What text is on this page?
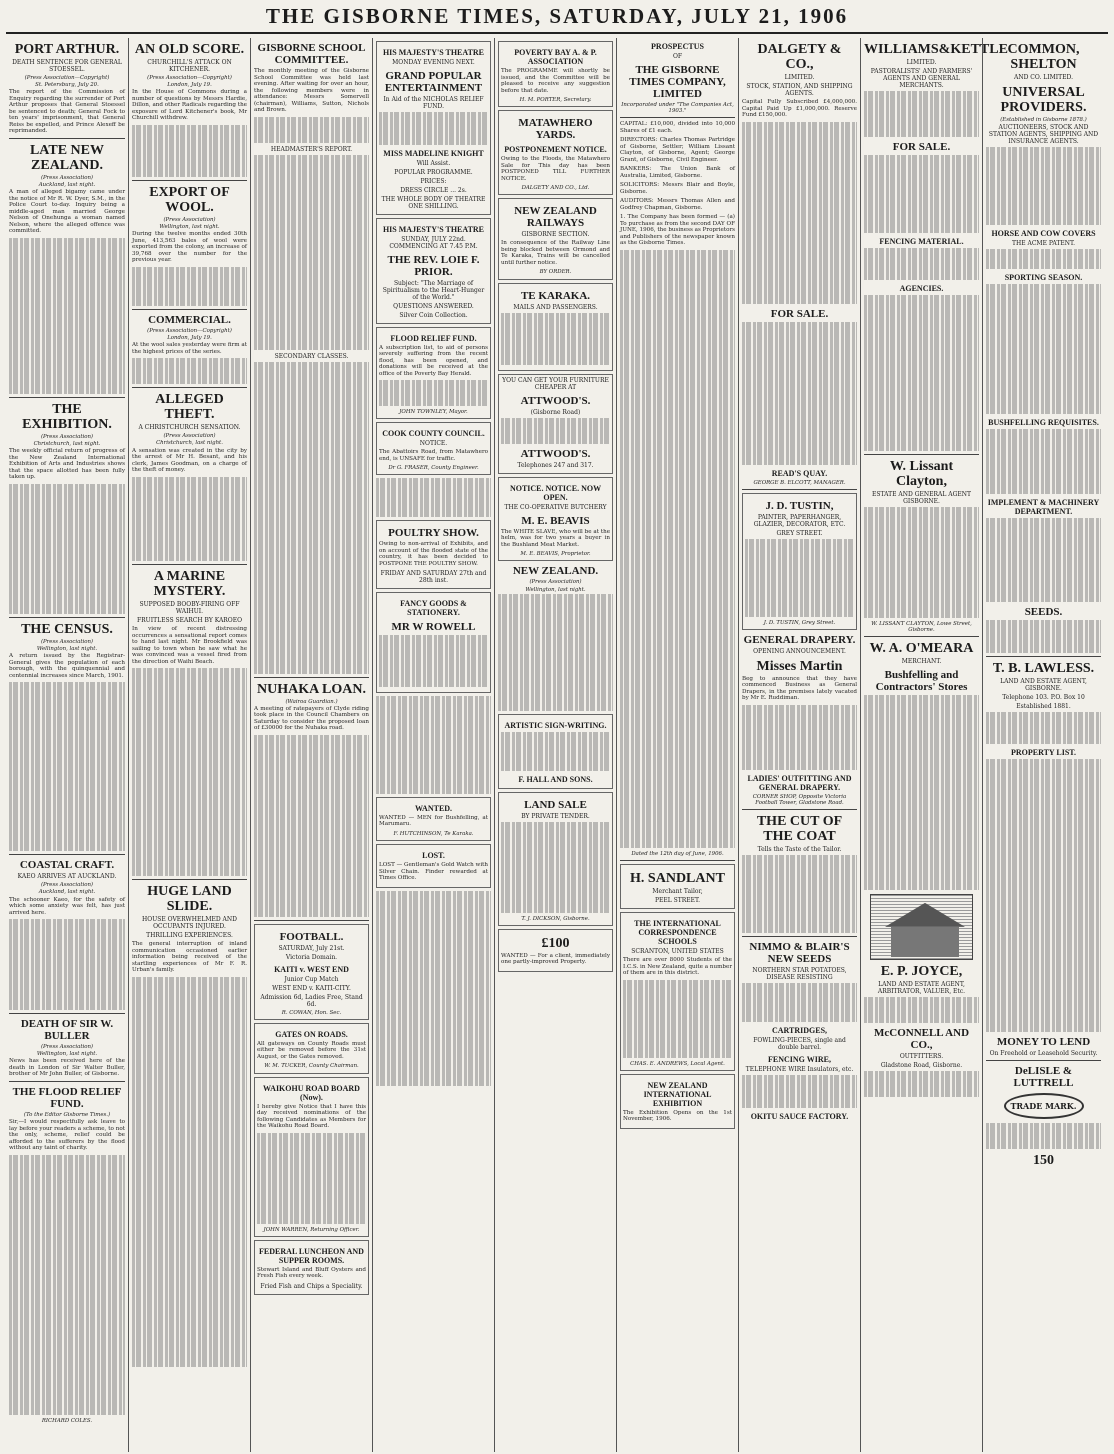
THE GISBORNE TIMES, SATURDAY, JULY 21, 1906
PORT ARTHUR.
DEATH SENTENCE FOR GENERAL STOESSEL.
(Press Association—Copyright)
St. Petersburg, July 20.
The report of the Commission of Enquiry regarding the surrender of Port Arthur proposes that General Stoessel be sentenced to death; General Fock to ten years' imprisonment, that General Reiss be expelled, and Prince Alexeff be reprimanded.
LATE NEW ZEALAND.
(Press Association)
Auckland, last night.
A man of alleged bigamy came under the notice of Mr R. W. Dyer, S.M., in the Police Court to-day. Inquiry being a middle-aged man married George Nelson of Onehunga a woman named Nelson, where the alleged offence was committed.
THE EXHIBITION.
(Press Association)
Christchurch, last night.
The weekly official return of progress of the New Zealand International Exhibition of Arts and Industries shows that the space allotted has been fully taken up.
THE CENSUS.
(Press Association)
Wellington, last night.
A return issued by the Registrar-General gives the population of each borough, with the quinquennial and centennial increases since March, 1901.
COASTAL CRAFT.
KAEO ARRIVES AT AUCKLAND.
(Press Association)
Auckland, last night.
The schooner Kaeo, for the safety of which some anxiety was felt, has just arrived here.
DEATH OF SIR W. BULLER
(Press Association)
Wellington, last night.
News has been received here of the death in London of Sir Walter Buller, brother of Mr John Buller, of Gisborne.
THE FLOOD RELIEF FUND.
(To the Editor Gisborne Times.)
Sir,—I would respectfully ask leave to lay before your readers a scheme, to not the only, scheme, relief could be afforded to the sufferers by the flood without any taint of charity.
RICHARD COLES.
AN OLD SCORE.
CHURCHILL'S ATTACK ON KITCHENER.
(Press Association—Copyright)
London, July 19.
In the House of Commons during a number of questions by Messrs Hardie, Dillon, and other Radicals regarding the exposure of Lord Kitchener's book, Mr Churchill withdrew.
EXPORT OF WOOL.
(Press Association)
Wellington, last night.
During the twelve months ended 30th June, 413,563 bales of wool were exported from the colony, an increase of 39,768 over the number for the previous year.
COMMERCIAL.
(Press Association—Copyright)
London, July 19.
At the wool sales yesterday were firm at the highest prices of the series.
ALLEGED THEFT.
A CHRISTCHURCH SENSATION.
(Press Association)
Christchurch, last night.
A sensation was created in the city by the arrest of Mr H. Besant, and his clerk, James Goodman, on a charge of the theft of money.
A MARINE MYSTERY.
SUPPOSED BOOBY-FIRING OFF WAIHUI.
FRUITLESS SEARCH BY KAROEO
In view of recent distressing occurrences a sensational report comes to hand last night. Mr Brookfield was sailing to town when he saw what he was convinced was a vessel fired from the direction of Waihi Beach.
HUGE LAND SLIDE.
HOUSE OVERWHELMED AND OCCUPANTS INJURED.
THRILLING EXPERIENCES.
The general interruption of inland communication occasioned earlier information being received of the startling experiences of Mr F. R. Urban's family.
GISBORNE SCHOOL COMMITTEE.
The monthly meeting of the Gisborne School Committee was held last evening. After waiting for over an hour, the following members were in attendance: Messrs Somervell (chairman), Williams, Sutton, Nichols and Brown.
HEADMASTER'S REPORT.
SECONDARY CLASSES.
NUHAKA LOAN.
(Wairoa Guardian.)
A meeting of ratepayers of Clyde riding took place in the Council Chambers on Saturday to consider the proposed loan of £30000 for the Nuhaka road.
FOOTBALL.
SATURDAY, July 21st.
Victoria Domain.
KAITI v. WEST END
Junior Cup Match
WEST END v. KAITI-CITY.
Admission 6d, Ladies Free, Stand 6d.
R. COWAN, Hon. Sec.
GATES ON ROADS.
All gateways on County Roads must either be removed before the 31st August, or the Gates removed.
W. M. TUCKER, County Chairman.
WAIKOHU ROAD BOARD (Now).
I hereby give Notice that I have this day received nominations of the following Candidates as Members for the Waikohu Road Board.
JOHN WARREN, Returning Officer.
FEDERAL LUNCHEON AND SUPPER ROOMS.
Stewart Island and Bluff Oysters and Fresh Fish every week.
Fried Fish and Chips a Speciality.
HIS MAJESTY'S THEATRE
MONDAY EVENING NEXT.
GRAND POPULAR ENTERTAINMENT
In Aid of the NICHOLAS RELIEF FUND.
MISS MADELINE KNIGHT
Will Assist.
POPULAR PROGRAMME.
PRICES:
DRESS CIRCLE ... 2s.
THE WHOLE BODY OF THEATRE ONE SHILLING.
HIS MAJESTY'S THEATRE
SUNDAY, JULY 22nd. COMMENCING AT 7.45 P.M.
THE REV. LOIE F. PRIOR.
Subject: "The Marriage of Spiritualism to the Heart-Hunger of the World."
QUESTIONS ANSWERED.
Silver Coin Collection.
FLOOD RELIEF FUND.
A subscription list, to aid of persons severely suffering from the recent flood, has been opened, and donations will be received at the office of the Poverty Bay Herald.
JOHN TOWNLEY, Mayor.
COOK COUNTY COUNCIL.
NOTICE.
The Abattoirs Road, from Matawhero end, is UNSAFE for traffic.
Dr G. FRASER, County Engineer.
POULTRY SHOW.
Owing to non-arrival of Exhibits, and on account of the flooded state of the country, it has been decided to POSTPONE THE POULTRY SHOW.
FRIDAY AND SATURDAY 27th and 28th inst.
FANCY GOODS & STATIONERY.
MR W ROWELL
WANTED.
WANTED — MEN for Bushfelling, at Marumaru.
F. HUTCHINSON, Te Karaka.
LOST.
LOST — Gentleman's Gold Watch with Silver Chain. Finder rewarded at Times Office.
POVERTY BAY A. & P. ASSOCIATION
The PROGRAMME will shortly be issued, and the Committee will be pleased to receive any suggestion before that date.
H. M. PORTER, Secretary.
MATAWHERO YARDS.
POSTPONEMENT NOTICE.
Owing to the Floods, the Matawhero Sale for This day has been POSTPONED TILL FURTHER NOTICE.
DALGETY AND CO., Ltd.
NEW ZEALAND RAILWAYS
GISBORNE SECTION.
In consequence of the Railway Line being blocked between Ormond and Te Karaka, Trains will be cancelled until further notice.
BY ORDER.
TE KARAKA.
MAILS AND PASSENGERS.
YOU CAN GET YOUR FURNITURE CHEAPER AT
ATTWOOD'S.
(Gisborne Road)
ATTWOOD'S.
Telephones 247 and 317.
NOTICE. NOTICE. NOW OPEN.
THE CO-OPERATIVE BUTCHERY
M. E. BEAVIS
The WHITE SLAVE, who will be at the helm, was for two years a buyer in the Bushland Meat Market.
M. E. BEAVIS, Proprietor.
NEW ZEALAND.
(Press Association)
Wellington, last night.
ARTISTIC SIGN-WRITING.
F. HALL AND SONS.
LAND SALE
BY PRIVATE TENDER.
T. J. DICKSON, Gisborne.
£100
WANTED — For a client, immediately one partly-improved Property.
PROSPECTUS
OF
THE GISBORNE TIMES COMPANY, LIMITED
Incorporated under "The Companies Act, 1903."
CAPITAL: £10,000, divided into 10,000 Shares of £1 each.
DIRECTORS: Charles Thomas Partridge of Gisborne, Settler; William Lissant Clayton, of Gisborne, Agent; George Grant, of Gisborne, Civil Engineer.
BANKERS: The Union Bank of Australia, Limited, Gisborne.
SOLICITORS: Messrs Blair and Boyle, Gisborne.
AUDITORS: Messrs Thomas Allen and Godfrey Chapman, Gisborne.
1. The Company has been formed — (a) To purchase as from the second DAY OF JUNE, 1906, the business as Proprietors and Publishers of the newspaper known as the Gisborne Times.
Dated the 12th day of June, 1906.
H. SANDLANT
Merchant Tailor,
PEEL STREET.
THE INTERNATIONAL CORRESPONDENCE SCHOOLS
SCRANTON, UNITED STATES
There are over 8000 Students of the I.C.S. in New Zealand, quite a number of them are in this district.
CHAS. E. ANDREWS, Local Agent.
NEW ZEALAND INTERNATIONAL EXHIBITION
The Exhibition Opens on the 1st November, 1906.
DALGETY & CO.,
LIMITED.
STOCK, STATION, AND SHIPPING AGENTS.
Capital Fully Subscribed £4,000,000. Capital Paid Up £1,000,000. Reserve Fund £150,000.
FOR SALE.
READ'S QUAY.
GEORGE B. ELCOTT, MANAGER.
J. D. TUSTIN,
PAINTER, PAPERHANGER, GLAZIER, DECORATOR, ETC.
GREY STREET.
J. D. TUSTIN, Grey Street.
GENERAL DRAPERY.
OPENING ANNOUNCEMENT.
Misses Martin
Beg to announce that they have commenced Business as General Drapers, in the premises lately vacated by Mr E. Ruddiman.
LADIES' OUTFITTING AND GENERAL DRAPERY.
CORNER SHOP, Opposite Victoria Football Tower, Gladstone Road.
THE CUT OF THE COAT
Tells the Taste of the Tailor.
NIMMO & BLAIR'S NEW SEEDS
NORTHERN STAR POTATOES, DISEASE RESISTING
CARTRIDGES,
FOWLING-PIECES, single and double barrel.
FENCING WIRE,
TELEPHONE WIRE Insulators, etc.
OKITU SAUCE FACTORY.
WILLIAMS&KETTLE
LIMITED.
PASTORALISTS' AND FARMERS' AGENTS AND GENERAL MERCHANTS.
FOR SALE.
FENCING MATERIAL.
AGENCIES.
W. Lissant Clayton,
ESTATE AND GENERAL AGENT GISBORNE.
W. LISSANT CLAYTON, Lowe Street, Gisborne.
W. A. O'MEARA
MERCHANT.
Bushfelling and Contractors' Stores
E. P. JOYCE,
LAND AND ESTATE AGENT, ARBITRATOR, VALUER, Etc.
McCONNELL AND CO.,
OUTFITTERS.
Gladstone Road, Gisborne.
COMMON, SHELTON
AND CO. LIMITED.
UNIVERSAL PROVIDERS.
(Established in Gisborne 1878.)
AUCTIONEERS, STOCK AND STATION AGENTS, SHIPPING AND INSURANCE AGENTS.
HORSE AND COW COVERS
THE ACME PATENT.
SPORTING SEASON.
BUSHFELLING REQUISITES.
IMPLEMENT & MACHINERY DEPARTMENT.
SEEDS.
T. B. LAWLESS.
LAND AND ESTATE AGENT, GISBORNE.
Telephone 103. P.O. Box 10
Established 1881.
PROPERTY LIST.
MONEY TO LEND
On Freehold or Leasehold Security.
DeLISLE & LUTTRELL
TRADE MARK.
150
